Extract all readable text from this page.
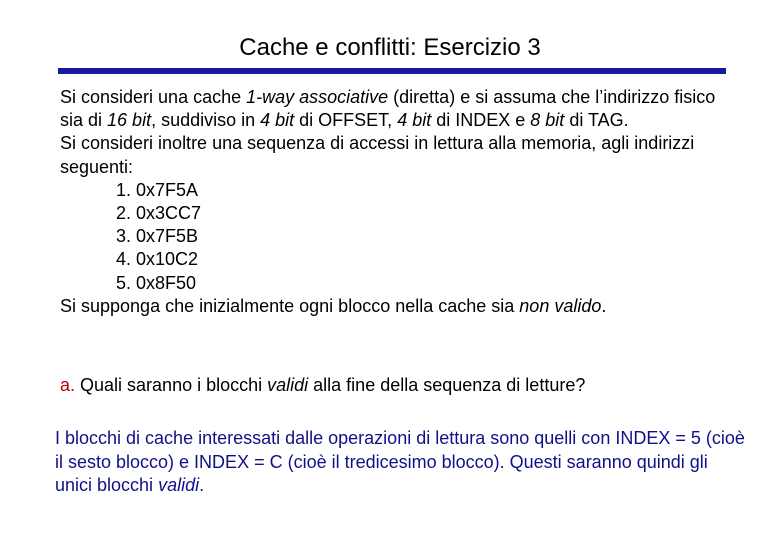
Cache e conflitti: Esercizio 3

Si consideri una cache 1-way associative (diretta) e si assuma che l’indirizzo fisico sia di 16 bit, suddiviso in 4 bit di OFFSET, 4 bit di INDEX e 8 bit di TAG.

Si consideri inoltre una sequenza di accessi in lettura alla memoria, agli indirizzi seguenti:

1. 0x7F5A
2. 0x3CC7
3. 0x7F5B
4. 0x10C2
5. 0x8F50

Si supponga che inizialmente ogni blocco nella cache sia non valido.

a. Quali saranno i blocchi validi alla fine della sequenza di letture?

I blocchi di cache interessati dalle operazioni di lettura sono quelli con INDEX = 5 (cioè il sesto blocco) e INDEX = C (cioè il tredicesimo blocco). Questi saranno quindi gli unici blocchi validi.
